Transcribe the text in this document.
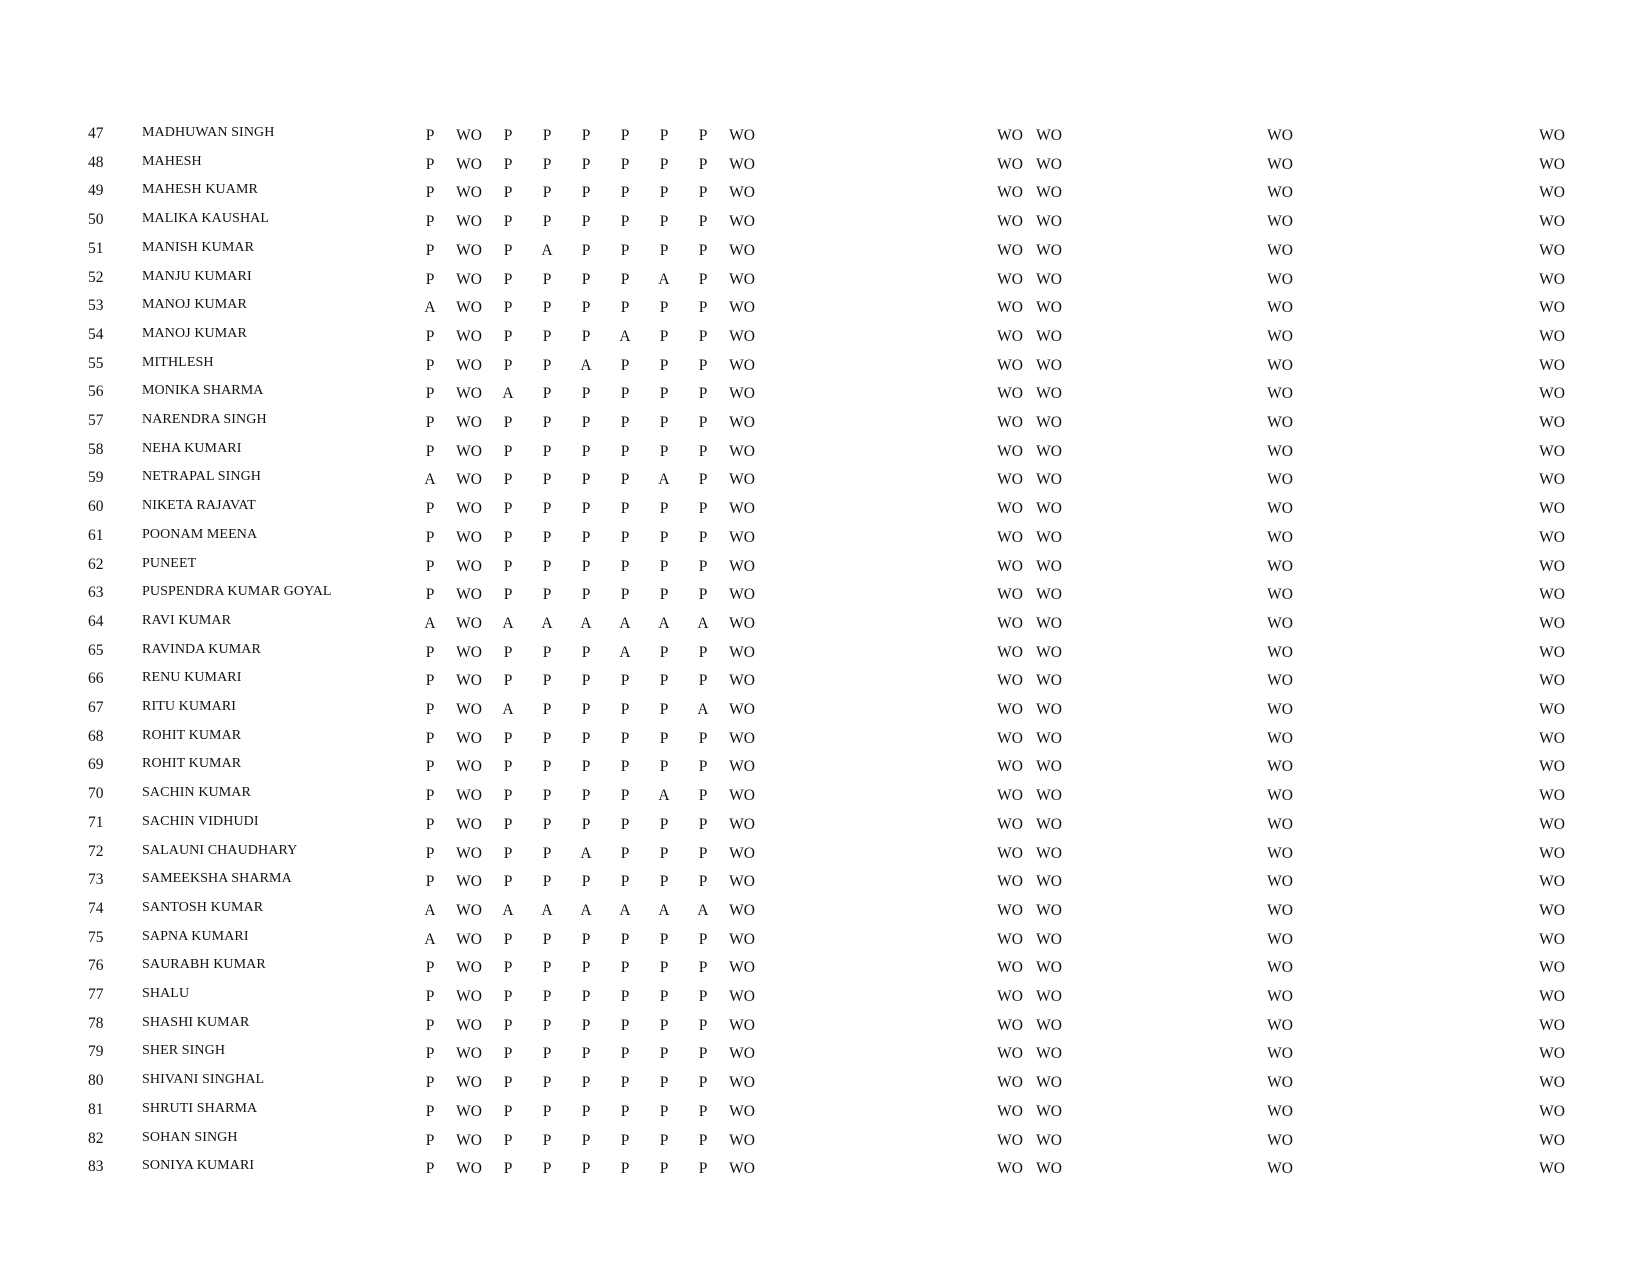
47	MADHUWAN SINGH	P WO P P P P P P WO	WO WO	WO	WO
48	MAHESH	P WO P P P P P P WO	WO WO	WO	WO
49	MAHESH KUAMR	P WO P P P P P P WO	WO WO	WO	WO
50	MALIKA KAUSHAL	P WO P P P P P P WO	WO WO	WO	WO
51	MANISH KUMAR	P WO P A P P P P WO	WO WO	WO	WO
52	MANJU KUMARI	P WO P P P P A P WO	WO WO	WO	WO
53	MANOJ KUMAR	A WO P P P P P P WO	WO WO	WO	WO
54	MANOJ KUMAR	P WO P P P A P P WO	WO WO	WO	WO
55	MITHLESH	P WO P P A P P P WO	WO WO	WO	WO
56	MONIKA SHARMA	P WO A P P P P P WO	WO WO	WO	WO
57	NARENDRA SINGH	P WO P P P P P P WO	WO WO	WO	WO
58	NEHA KUMARI	P WO P P P P P P WO	WO WO	WO	WO
59	NETRAPAL SINGH	A WO P P P P A P WO	WO WO	WO	WO
60	NIKETA RAJAVAT	P WO P P P P P P WO	WO WO	WO	WO
61	POONAM MEENA	P WO P P P P P P WO	WO WO	WO	WO
62	PUNEET	P WO P P P P P P WO	WO WO	WO	WO
63	PUSPENDRA KUMAR GOYAL	P WO P P P P P P WO	WO WO	WO	WO
64	RAVI KUMAR	A WO A A A A A A WO	WO WO	WO	WO
65	RAVINDA KUMAR	P WO P P P A P P WO	WO WO	WO	WO
66	RENU KUMARI	P WO P P P P P P WO	WO WO	WO	WO
67	RITU KUMARI	P WO A P P P P A WO	WO WO	WO	WO
68	ROHIT KUMAR	P WO P P P P P P WO	WO WO	WO	WO
69	ROHIT KUMAR	P WO P P P P P P WO	WO WO	WO	WO
70	SACHIN KUMAR	P WO P P P P A P WO	WO WO	WO	WO
71	SACHIN VIDHUDI	P WO P P P P P P WO	WO WO	WO	WO
72	SALAUNI CHAUDHARY	P WO P P A P P P WO	WO WO	WO	WO
73	SAMEEKSHA SHARMA	P WO P P P P P P WO	WO WO	WO	WO
74	SANTOSH KUMAR	A WO A A A A A A WO	WO WO	WO	WO
75	SAPNA KUMARI	A WO P P P P P P WO	WO WO	WO	WO
76	SAURABH KUMAR	P WO P P P P P P WO	WO WO	WO	WO
77	SHALU	P WO P P P P P P WO	WO WO	WO	WO
78	SHASHI KUMAR	P WO P P P P P P WO	WO WO	WO	WO
79	SHER SINGH	P WO P P P P P P WO	WO WO	WO	WO
80	SHIVANI SINGHAL	P WO P P P P P P WO	WO WO	WO	WO
81	SHRUTI SHARMA	P WO P P P P P P WO	WO WO	WO	WO
82	SOHAN SINGH	P WO P P P P P P WO	WO WO	WO	WO
83	SONIYA KUMARI	P WO P P P P P P WO	WO WO	WO	WO
